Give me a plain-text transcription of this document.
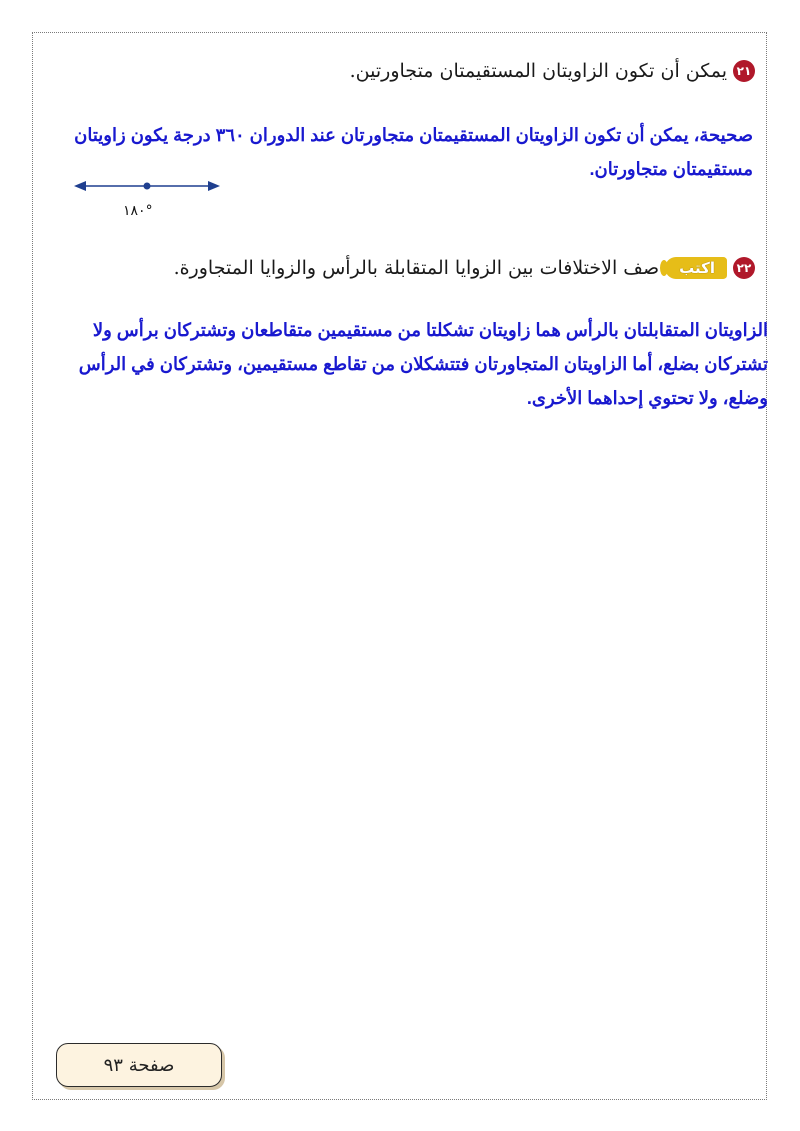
٢١
يمكن أن تكون الزاويتان المستقيمتان متجاورتين.
صحيحة، يمكن أن تكون الزاويتان المستقيمتان متجاورتان عند الدوران ٣٦٠ درجة يكون زاويتان مستقيمتان متجاورتان.
°١٨٠
٢٢
اكتب
صف الاختلافات بين الزوايا المتقابلة بالرأس والزوايا المتجاورة.
الزاويتان المتقابلتان بالرأس هما زاويتان تشكلتا من مستقيمين متقاطعان وتشتركان برأس ولا تشتركان بضلع، أما الزاويتان المتجاورتان فتتشكلان من تقاطع مستقيمين، وتشتركان في الرأس وضلع، ولا تحتوي إحداهما الأخرى.
صفحة ٩٣
